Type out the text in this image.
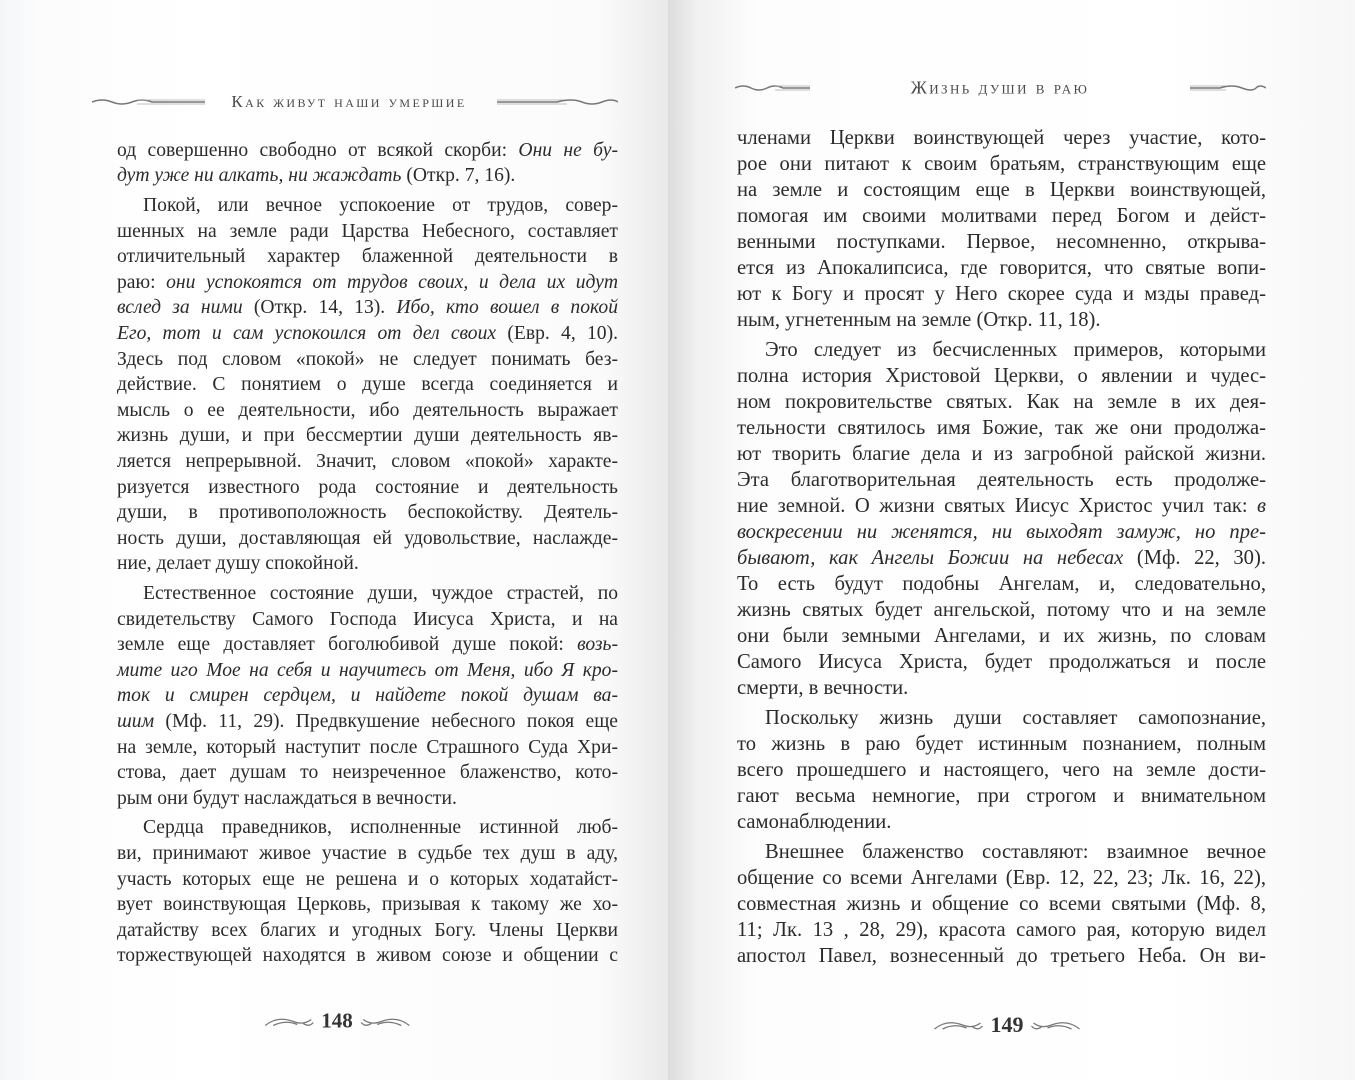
Как живут наши умершие
од совершенно свободно от всякой скорби: Они не бу-
дут уже ни алкать, ни жаждать (Откр. 7, 16).
Покой, или вечное успокоение от трудов, совер-
шенных на земле ради Царства Небесного, составляет
отличительный характер блаженной деятельности в
раю: они успокоятся от трудов своих, и дела их идут
вслед за ними (Откр. 14, 13). Ибо, кто вошел в покой
Его, тот и сам успокоился от дел своих (Евр. 4, 10).
Здесь под словом «покой» не следует понимать без-
действие. С понятием о душе всегда соединяется и
мысль о ее деятельности, ибо деятельность выражает
жизнь души, и при бессмертии души деятельность яв-
ляется непрерывной. Значит, словом «покой» характе-
ризуется известного рода состояние и деятельность
души, в противоположность беспокойству. Деятель-
ность души, доставляющая ей удовольствие, наслажде-
ние, делает душу спокойной.
Естественное состояние души, чуждое страстей, по
свидетельству Самого Господа Иисуса Христа, и на
земле еще доставляет боголюбивой душе покой: возь-
мите иго Мое на себя и научитесь от Меня, ибо Я кро-
ток и смирен сердцем, и найдете покой душам ва-
шим (Мф. 11, 29). Предвкушение небесного покоя еще
на земле, который наступит после Страшного Суда Хри-
стова, дает душам то неизреченное блаженство, кото-
рым они будут наслаждаться в вечности.
Сердца праведников, исполненные истинной люб-
ви, принимают живое участие в судьбе тех душ в аду,
участь которых еще не решена и о которых ходатайст-
вует воинствующая Церковь, призывая к такому же хо-
датайству всех благих и угодных Богу. Члены Церкви
торжествующей находятся в живом союзе и общении с
148
Жизнь души в раю
членами Церкви воинствующей через участие, кото-
рое они питают к своим братьям, странствующим еще
на земле и состоящим еще в Церкви воинствующей,
помогая им своими молитвами перед Богом и дейст-
венными поступками. Первое, несомненно, открыва-
ется из Апокалипсиса, где говорится, что святые вопи-
ют к Богу и просят у Него скорее суда и мзды правед-
ным, угнетенным на земле (Откр. 11, 18).
Это следует из бесчисленных примеров, которыми
полна история Христовой Церкви, о явлении и чудес-
ном покровительстве святых. Как на земле в их дея-
тельности святилось имя Божие, так же они продолжа-
ют творить благие дела и из загробной райской жизни.
Эта благотворительная деятельность есть продолже-
ние земной. О жизни святых Иисус Христос учил так: в
воскресении ни женятся, ни выходят замуж, но пре-
бывают, как Ангелы Божии на небесах (Мф. 22, 30).
То есть будут подобны Ангелам, и, следовательно,
жизнь святых будет ангельской, потому что и на земле
они были земными Ангелами, и их жизнь, по словам
Самого Иисуса Христа, будет продолжаться и после
смерти, в вечности.
Поскольку жизнь души составляет самопознание,
то жизнь в раю будет истинным познанием, полным
всего прошедшего и настоящего, чего на земле дости-
гают весьма немногие, при строгом и внимательном
самонаблюдении.
Внешнее блаженство составляют: взаимное вечное
общение со всеми Ангелами (Евр. 12, 22, 23; Лк. 16, 22),
совместная жизнь и общение со всеми святыми (Мф. 8,
11; Лк. 13 , 28, 29), красота самого рая, которую видел
апостол Павел, вознесенный до третьего Неба. Он ви-
149
